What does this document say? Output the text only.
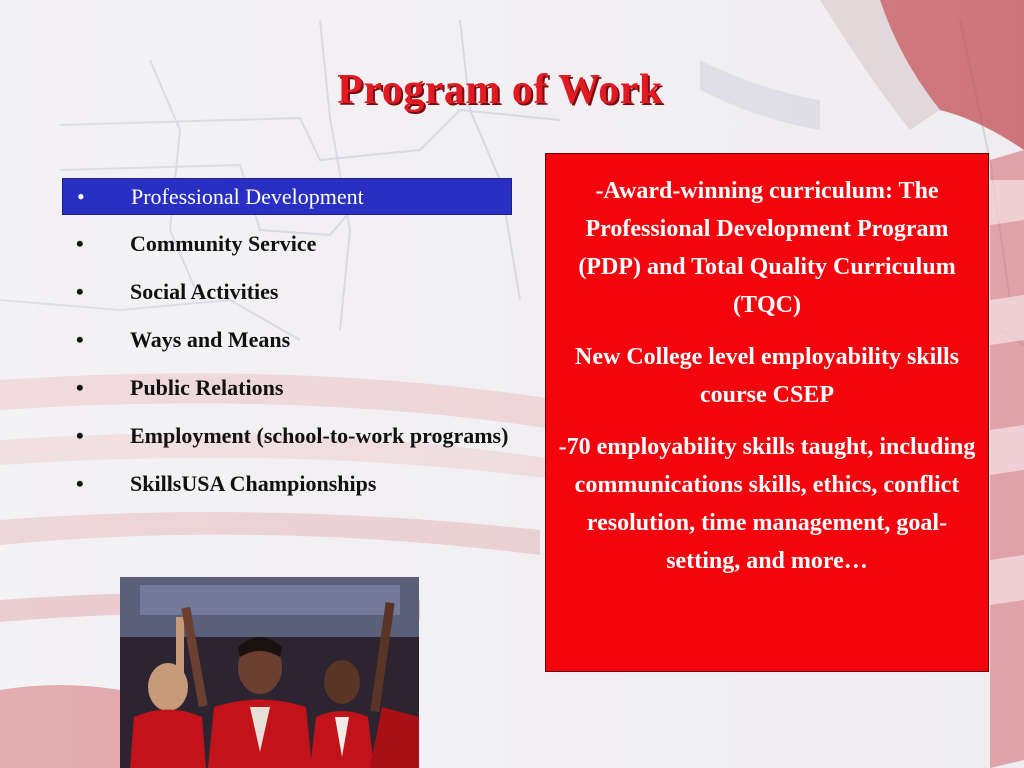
Program of Work
• Professional Development
• Community Service
• Social Activities
• Ways and Means
• Public Relations
• Employment (school-to-work programs)
• SkillsUSA Championships

-Award-winning curriculum: The Professional Development Program (PDP) and Total Quality Curriculum (TQC)

New College level employability skills course CSEP

-70 employability skills taught, including communications skills, ethics, conflict resolution, time management, goal-setting, and more…
